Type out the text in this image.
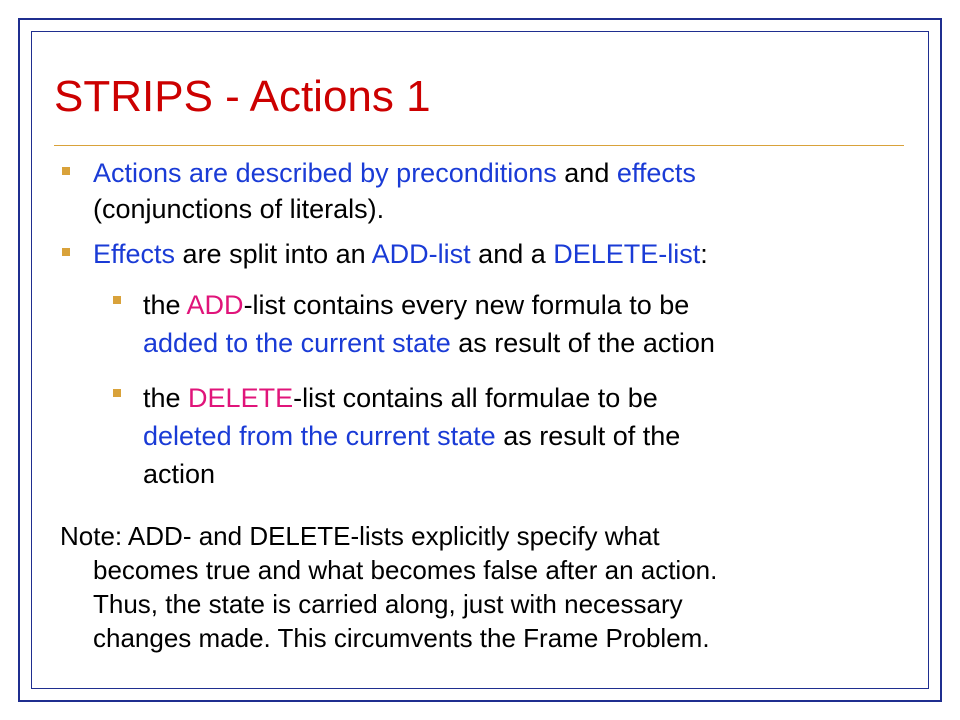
STRIPS - Actions 1

Actions are described by preconditions and effects
(conjunctions of literals).

Effects are split into an ADD-list and a DELETE-list:

the ADD-list contains every new formula to be
added to the current state as result of the action

the DELETE-list contains all formulae to be
deleted from the current state as result of the
action

Note: ADD- and DELETE-lists explicitly specify what
becomes true and what becomes false after an action.
Thus, the state is carried along, just with necessary
changes made. This circumvents the Frame Problem.
